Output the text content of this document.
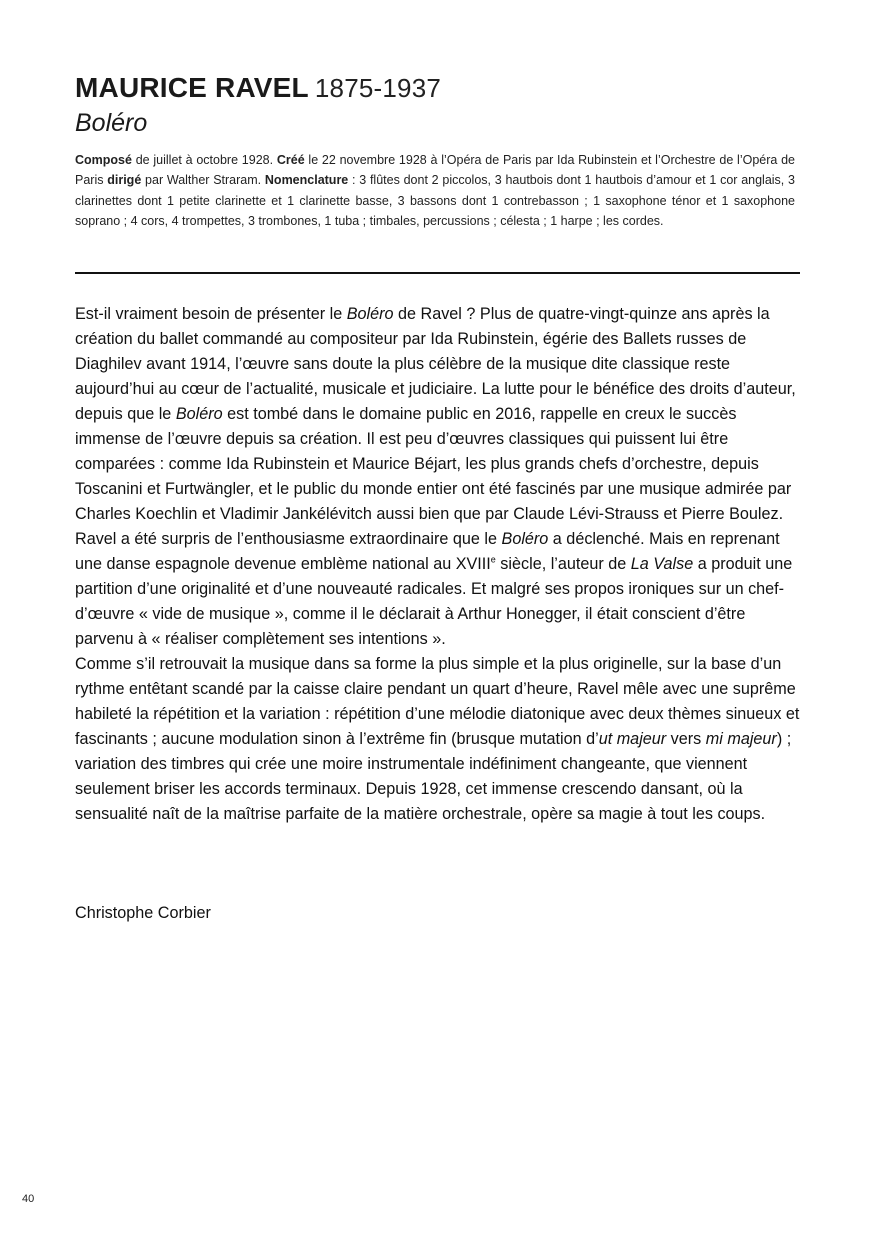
MAURICE RAVEL 1875-1937
Boléro
Composé de juillet à octobre 1928. Créé le 22 novembre 1928 à l’Opéra de Paris par Ida Rubinstein et l’Orchestre de l’Opéra de Paris dirigé par Walther Straram. Nomenclature : 3 flûtes dont 2 piccolos, 3 hautbois dont 1 hautbois d’amour et 1 cor anglais, 3 clarinettes dont 1 petite clarinette et 1 clarinette basse, 3 bassons dont 1 contrebasson ; 1 saxophone ténor et 1 saxophone soprano ; 4 cors, 4 trompettes, 3 trombones, 1 tuba ; timbales, percussions ; célesta ; 1 harpe ; les cordes.

Est-il vraiment besoin de présenter le Boléro de Ravel ? Plus de quatre-vingt-quinze ans après la création du ballet commandé au compositeur par Ida Rubinstein, égérie des Ballets russes de Diaghilev avant 1914, l’œuvre sans doute la plus célèbre de la musique dite classique reste aujourd’hui au cœur de l’actualité, musicale et judiciaire. La lutte pour le bénéfice des droits d’auteur, depuis que le Boléro est tombé dans le domaine public en 2016, rappelle en creux le succès immense de l’œuvre depuis sa création. Il est peu d’œuvres classiques qui puissent lui être comparées : comme Ida Rubinstein et Maurice Béjart, les plus grands chefs d’orchestre, depuis Toscanini et Furtwängler, et le public du monde entier ont été fascinés par une musique admirée par Charles Koechlin et Vladimir Jankélévitch aussi bien que par Claude Lévi-Strauss et Pierre Boulez.

Ravel a été surpris de l’enthousiasme extraordinaire que le Boléro a déclenché. Mais en reprenant une danse espagnole devenue emblème national au XVIIIe siècle, l’auteur de La Valse a produit une partition d’une originalité et d’une nouveauté radicales. Et malgré ses propos ironiques sur un chef-d’œuvre « vide de musique », comme il le déclarait à Arthur Honegger, il était conscient d’être parvenu à « réaliser complètement ses intentions ».

Comme s’il retrouvait la musique dans sa forme la plus simple et la plus originelle, sur la base d’un rythme entêtant scandé par la caisse claire pendant un quart d’heure, Ravel mêle avec une suprême habileté la répétition et la variation : répétition d’une mélodie diatonique avec deux thèmes sinueux et fascinants ; aucune modulation sinon à l’extrême fin (brusque mutation d’ut majeur vers mi majeur) ; variation des timbres qui crée une moire instrumentale indéfiniment changeante, que viennent seulement briser les accords terminaux. Depuis 1928, cet immense crescendo dansant, où la sensualité naît de la maîtrise parfaite de la matière orchestrale, opère sa magie à tout les coups.

Christophe Corbier
40
